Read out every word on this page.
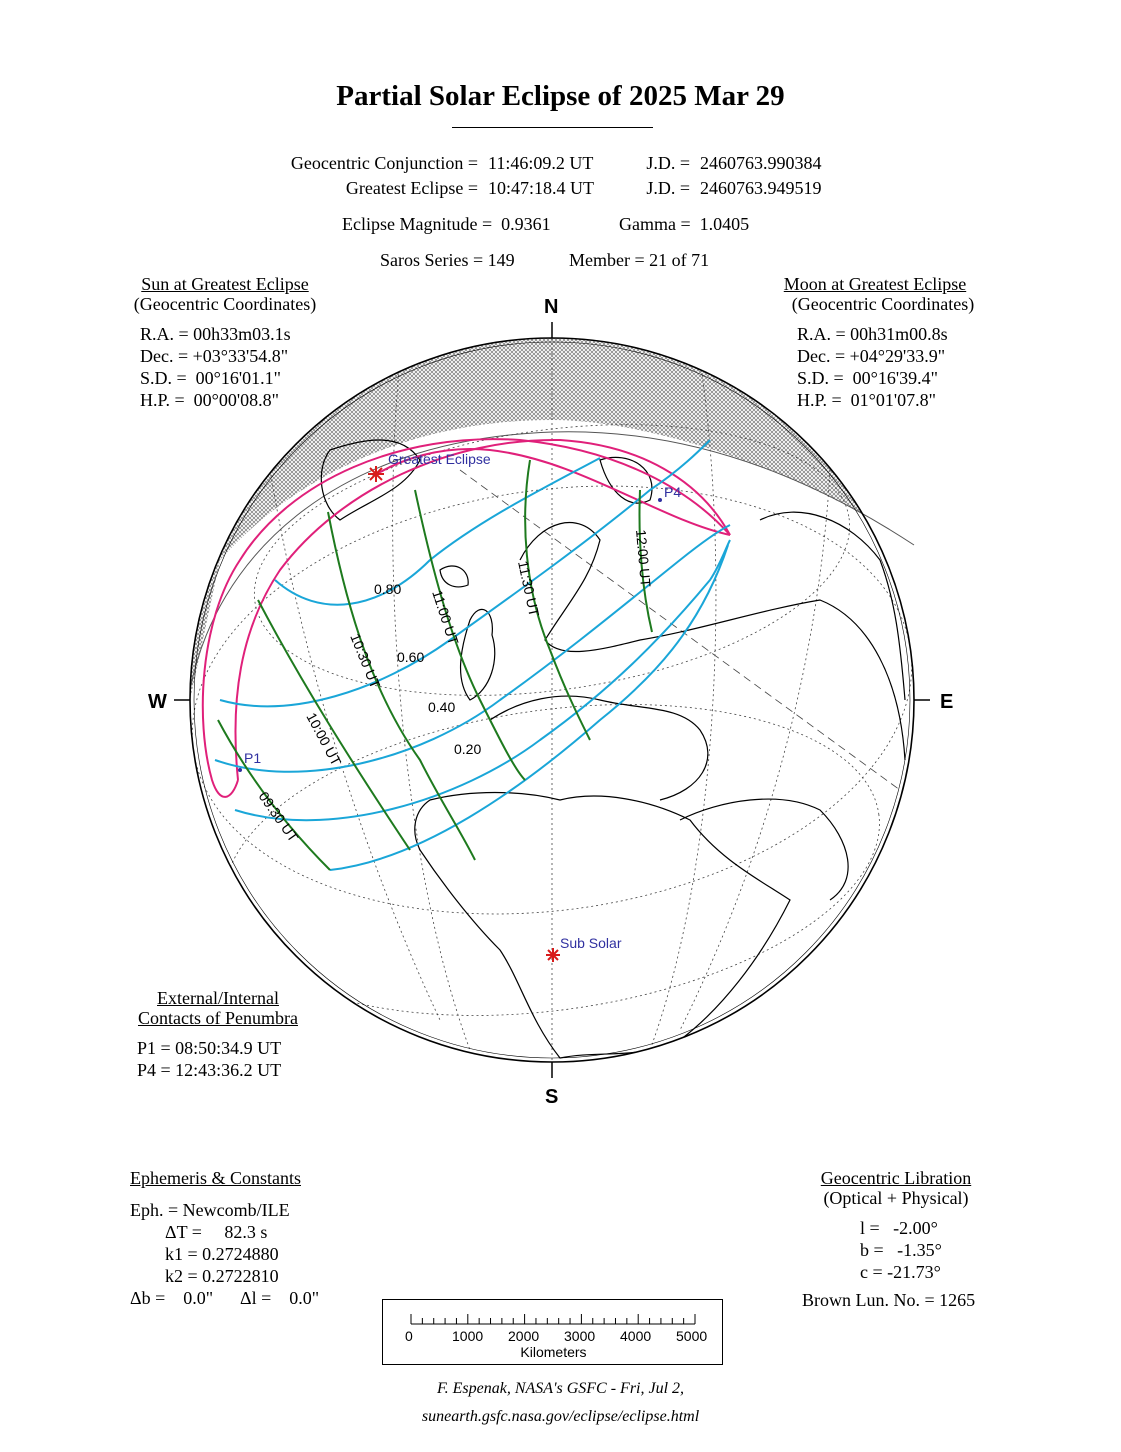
Partial Solar Eclipse of 2025 Mar 29
Geocentric Conjunction = 11:46:09.2 UT	J.D. = 2460763.990384
Greatest Eclipse = 10:47:18.4 UT	J.D. = 2460763.949519
Eclipse Magnitude =  0.9361	Gamma =  1.0405
Saros Series = 149	Member = 21 of 71
Sun at Greatest Eclipse
(Geocentric Coordinates)
R.A. = 00h33m03.1s
Dec. = +03°33'54.8"
S.D. =  00°16'01.1"
H.P. =  00°00'08.8"
Moon at Greatest Eclipse
(Geocentric Coordinates)
R.A. = 00h31m00.8s
Dec. = +04°29'33.9"
S.D. =  00°16'39.4"
H.P. =  01°01'07.8"
N
S
W	E
Greatest Eclipse
Sub Solar
P1
P4
0.80
0.60
0.40
0.20
09:30 UT
10:00 UT
10:30 UT
11:00 UT	11:30 UT
12:00 UT
External/Internal
Contacts of Penumbra
P1 = 08:50:34.9 UT
P4 = 12:43:36.2 UT
Ephemeris & Constants
Eph. = Newcomb/ILE
ΔT =     82.3 s
k1 = 0.2724880
k2 = 0.2722810
Δb =    0.0" Δl =    0.0"
Geocentric Libration
(Optical + Physical)
l =   -2.00°
b =   -1.35°
c = -21.73°
Brown Lun. No. = 1265
0	1000 2000 3000 4000 5000
Kilometers
F. Espenak, NASA's GSFC - Fri, Jul 2,
sunearth.gsfc.nasa.gov/eclipse/eclipse.html
